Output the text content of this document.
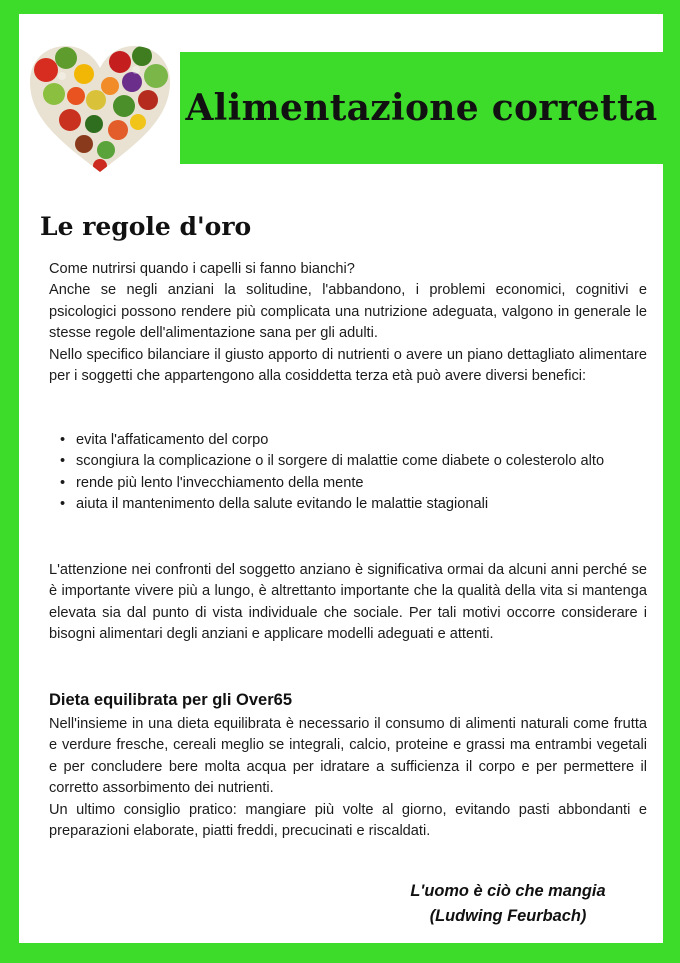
Alimentazione corretta
Le regole d'oro
Come nutrirsi quando i capelli si fanno bianchi?

Anche se negli anziani la solitudine, l'abbandono, i problemi economici, cognitivi e psicologici possono rendere più complicata una nutrizione adeguata, valgono in generale le stesse regole dell'alimentazione sana per gli adulti.

Nello specifico bilanciare il giusto apporto di nutrienti o avere un piano dettagliato alimentare per i soggetti che appartengono alla cosiddetta terza età può avere diversi benefici:

• evita l'affaticamento del corpo
• scongiura la complicazione o il sorgere di malattie come diabete o colesterolo alto
• rende più lento l'invecchiamento della mente
• aiuta il mantenimento della salute evitando le malattie stagionali

L'attenzione nei confronti del soggetto anziano è significativa ormai da alcuni anni perché se è importante vivere più a lungo, è altrettanto importante che la qualità della vita si mantenga elevata sia dal punto di vista individuale che sociale. Per tali motivi occorre considerare i bisogni alimentari degli anziani e applicare modelli adeguati e attenti.

Dieta equilibrata per gli Over65

Nell'insieme in una dieta equilibrata è necessario il consumo di alimenti naturali come frutta e verdure fresche, cereali meglio se integrali, calcio, proteine e grassi ma entrambi vegetali e per concludere bere molta acqua per idratare a sufficienza il corpo e per permettere il corretto assorbimento dei nutrienti.

Un ultimo consiglio pratico: mangiare più volte al giorno, evitando pasti abbondanti e preparazioni elaborate, piatti freddi, precucinati e riscaldati.

L'uomo è ciò che mangia
(Ludwing Feurbach)
